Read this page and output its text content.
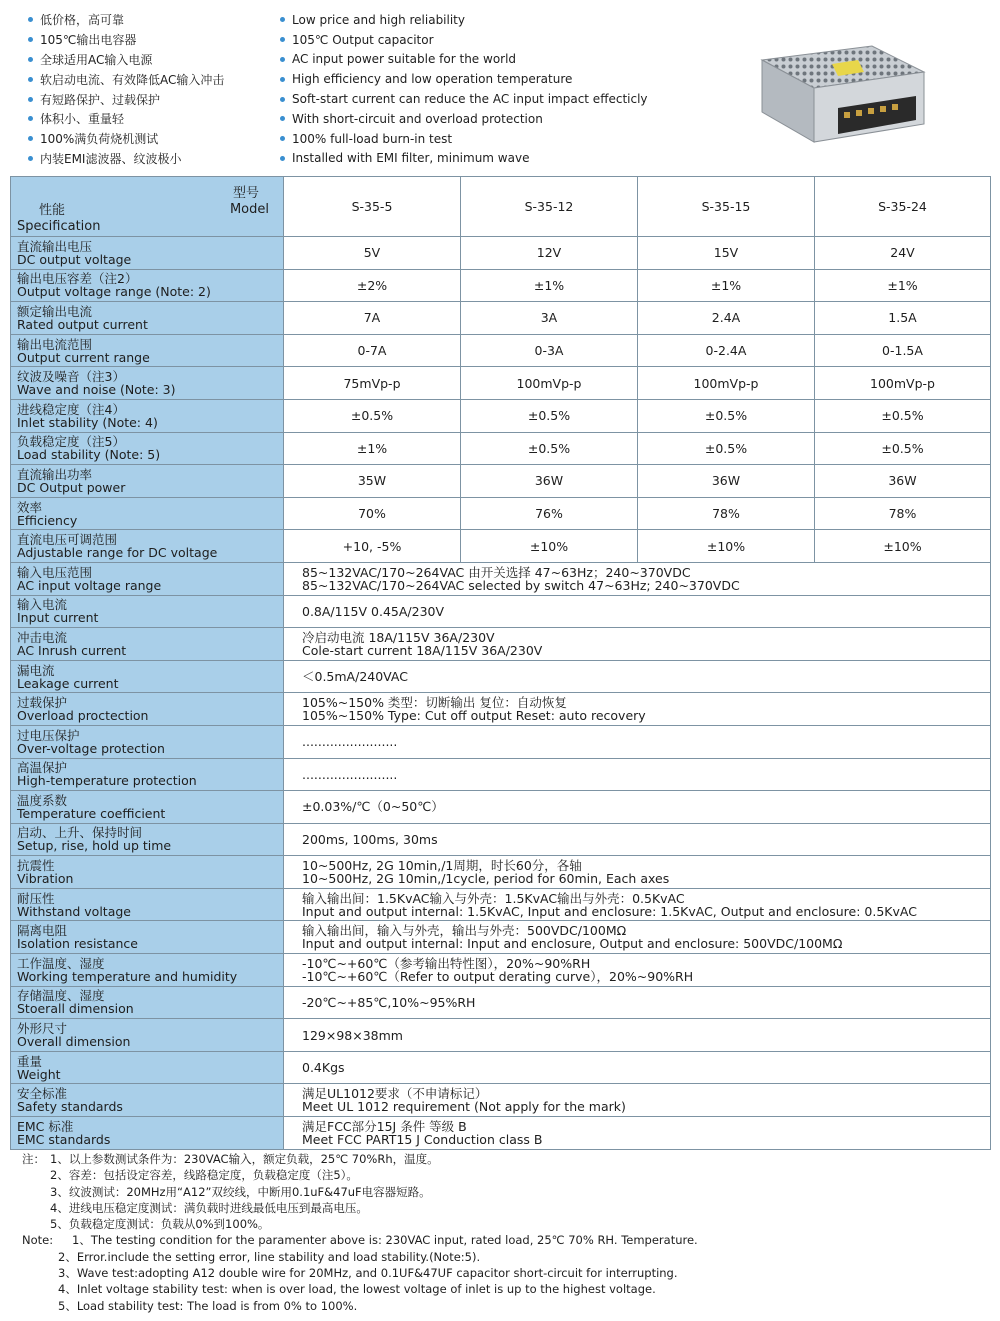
低价格，高可靠
105℃输出电容器
全球适用AC输入电源
软启动电流、有效降低AC输入冲击
有短路保护、过载保护
体积小、重量轻
100%满负荷烧机测试
内装EMI滤波器、纹波极小
Low price and high reliability
105℃ Output capacitor
AC input power suitable for the world
High efficiency and low operation temperature
Soft-start current can reduce the AC input impact effecticly
With short-circuit and overload protection
100% full-load burn-in test
Installed with EMI filter, minimum wave
型号
Model
性能
Specification	S-35-5	S-35-12	S-35-15	S-35-24

直流输出电压
DC output voltage	5V	12V	15V	24V

输出电压容差（注2）
Output voltage range (Note: 2)	±2%	±1%	±1%	±1%

额定输出电流
Rated output current	7A	3A	2.4A	1.5A

输出电流范围
Output current range	0-7A	0-3A	0-2.4A	0-1.5A

纹波及噪音（注3）
Wave and noise (Note: 3)	75mVp-p	100mVp-p	100mVp-p	100mVp-p

进线稳定度（注4）
Inlet stability (Note: 4)	±0.5%	±0.5%	±0.5%	±0.5%

负载稳定度（注5）
Load stability (Note: 5)	±1%	±0.5%	±0.5%	±0.5%

直流输出功率
DC Output power	35W	36W	36W	36W

效率
Efficiency	70%	76%	78%	78%

直流电压可调范围
Adjustable range for DC voltage	+10, -5%	±10%	±10%	±10%

输入电压范围
AC input voltage range	85~132VAC/170~264VAC 由开关选择 47~63Hz；240~370VDC
85~132VAC/170~264VAC selected by switch 47~63Hz; 240~370VDC			

输入电流
Input current	0.8A/115V 0.45A/230V			

冲击电流
AC Inrush current	冷启动电流 18A/115V 36A/230V
Cole-start current 18A/115V 36A/230V			

漏电流
Leakage current	＜0.5mA/240VAC			

过载保护
Overload proctection	105%~150% 类型：切断输出 复位：自动恢复
105%~150% Type: Cut off output Reset: auto recovery			

过电压保护
Over-voltage protection	........................			

高温保护
High-temperature protection	........................			

温度系数
Temperature coefficient	±0.03%/℃（0~50℃）			

启动、上升、保持时间
Setup, rise, hold up time	200ms, 100ms, 30ms			

抗震性
Vibration	10~500Hz, 2G 10min,/1周期，时长60分，各轴
10~500Hz, 2G 10min,/1cycle, period for 60min, Each axes			

耐压性
Withstand voltage	输入输出间：1.5KvAC输入与外壳：1.5KvAC输出与外壳：0.5KvAC
Input and output internal: 1.5KvAC, Input and enclosure: 1.5KvAC, Output and enclosure: 0.5KvAC			

隔离电阻
Isolation resistance	输入输出间，输入与外壳，输出与外壳：500VDC/100MΩ
Input and output internal: Input and enclosure, Output and enclosure: 500VDC/100MΩ			

工作温度、湿度
Working temperature and humidity	-10℃~+60℃（参考输出特性图），20%~90%RH
-10℃~+60℃（Refer to output derating curve），20%~90%RH			

存储温度、湿度
Stoerall dimension	-20℃~+85℃,10%~95%RH			

外形尺寸
Overall dimension	129×98×38mm			

重量
Weight	0.4Kgs			

安全标准
Safety standards	满足UL1012要求（不申请标记）
Meet UL 1012 requirement (Not apply for the mark)			

EMC 标准
EMC standards	满足FCC部分15J 条件 等级 B
Meet FCC PART15 J Conduction class B			
注： 1、以上参数测试条件为：230VAC输入，额定负载，25℃ 70%Rh，温度。
2、容差：包括设定容差，线路稳定度，负载稳定度（注5）。
3、纹波测试：20MHz用“A12”双绞线，中断用0.1uF&47uF电容器短路。
4、进线电压稳定度测试：满负载时进线最低电压到最高电压。
5、负载稳定度测试：负载从0%到100%。
Note: 1、The testing condition for the paramenter above is: 230VAC input, rated load, 25℃ 70% RH. Temperature.
2、Error.include the setting error, line stability and load stability.(Note:5).
3、Wave test:adopting A12 double wire for 20MHz, and 0.1UF&47UF capacitor short-circuit for interrupting.
4、Inlet voltage stability test: when is over load, the lowest voltage of inlet is up to the highest voltage.
5、Load stability test: The load is from 0% to 100%.
